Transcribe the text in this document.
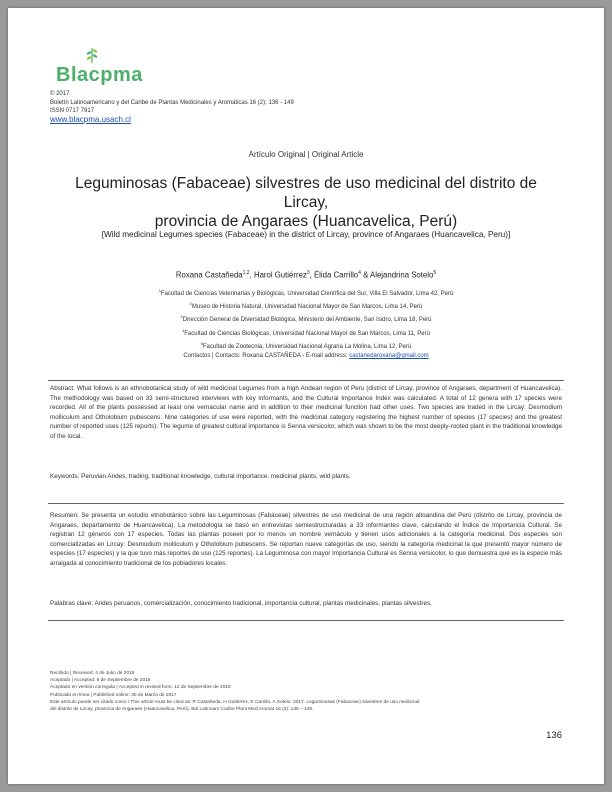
Blacpma
© 2017
Boletín Latinoamericano y del Caribe de Plantas Medicinales y Aromáticas 16 (2): 136 - 149
ISSN 0717 7917
www.blacpma.usach.cl
Artículo Original | Original Article
Leguminosas (Fabaceae) silvestres de uso medicinal del distrito de Lircay,
provincia de Angaraes (Huancavelica, Perú)
[Wild medicinal Legumes species (Fabaceae) in the district of Lircay, province of Angaraes (Huancavelica, Peru)]
Roxana Castañeda$^{1,2}$, Harol Gutiérrez$^3$, Élida Carrillo$^4$ & Alejandrina Sotelo$^5$
$^1$Facultad de Ciencias Veterinarias y Biológicas, Universidad Científica del Sur, Villa El Salvador, Lima 42, Perú
$^2$Museo de Historia Natural, Universidad Nacional Mayor de San Marcos, Lima 14, Perú
$^3$Dirección General de Diversidad Biológica, Ministerio del Ambiente, San Isidro, Lima 18, Perú
$^4$Facultad de Ciencias Biológicas, Universidad Nacional Mayor de San Marcos, Lima 11, Perú
$^5$Facultad de Zootecnia, Universidad Nacional Agraria La Molina, Lima 12, Perú
Contactos | Contacts: Roxana CASTAÑEDA - E-mail address: castanedaroxana@gmail.com
Abstract: What follows is an ethnobotanical study of wild medicinal Legumes from a high Andean region of Peru (district of Lircay, province of Angaraes, department of Huancavelica). The methodology was based on 33 semi-structured interviews with key informants, and the Cultural Importance Index was calculated. A total of 12 genera with 17 species were recorded. All of the plants possessed at least one vernacular name and in addition to their medicinal function had other uses. Two species are traded in the Lircay: Desmodium molliculum and Otholobium pubescens. Nine categories of use were reported, with the medicinal category registering the highest number of species (17 species) and the greatest number of reported uses (125 reports). The legume of greatest cultural importance is Senna versicolor, which was shown to be the most deeply-rooted plant in the traditional knowledge of the local.
Keywords: Peruvian Andes, trading, traditional knowledge, cultural importance, medicinal plants, wild plants.
Resumen: Se presenta un estudio etnobotánico sobre las Leguminosas (Fabaceae) silvestres de uso medicinal de una región altoandina del Perú (distrito de Lircay, provincia de Angaraes, departamento de Huancavelica). La metodología se basó en entrevistas semiestructuradas a 33 informantes clave, calculando el Índice de Importancia Cultural. Se registran 12 géneros con 17 especies. Todas las plantas poseen por lo menos un nombre vernáculo y tienen usos adicionales a la categoría medicinal. Dos especies son comercializadas en Lircay: Desmodium molliculum y Otholobium pubescens. Se reportan nueve categorías de uso, siendo la categoría medicinal la que presentó mayor número de especies (17 especies) y la que tuvo más reportes de uso (125 reportes). La Leguminosa con mayor Importancia Cultural es Senna versicolor, lo que demuestra que es la especie más arraigada al conocimiento tradicional de los pobladores locales.
Palabras clave: Andes peruanos, comercialización, conocimiento tradicional, importancia cultural, plantas medicinales, plantas silvestres.
Recibido | Received: 4 de Julio de 2016
Aceptado | Accepted: 8 de Septiembre de 2016
Aceptado en versión corregida | Accepted in revised form: 12 de Septiembre de 2016
Publicado en línea | Published online: 30 de Marzo de 2017
Este artículo puede ser citado como / This article must be cited as: R Castañeda, H Gutiérrez, E Carrillo, A Sotelo. 2017. Leguminosas (Fabaceae) silvestres de uso medicinal
del distrito de Lircay, provincia de Angaraes (Huancavelica, Perú). Bol Latinoam Caribe Plant Med Aromat 16 (2): 136 – 149.
136
